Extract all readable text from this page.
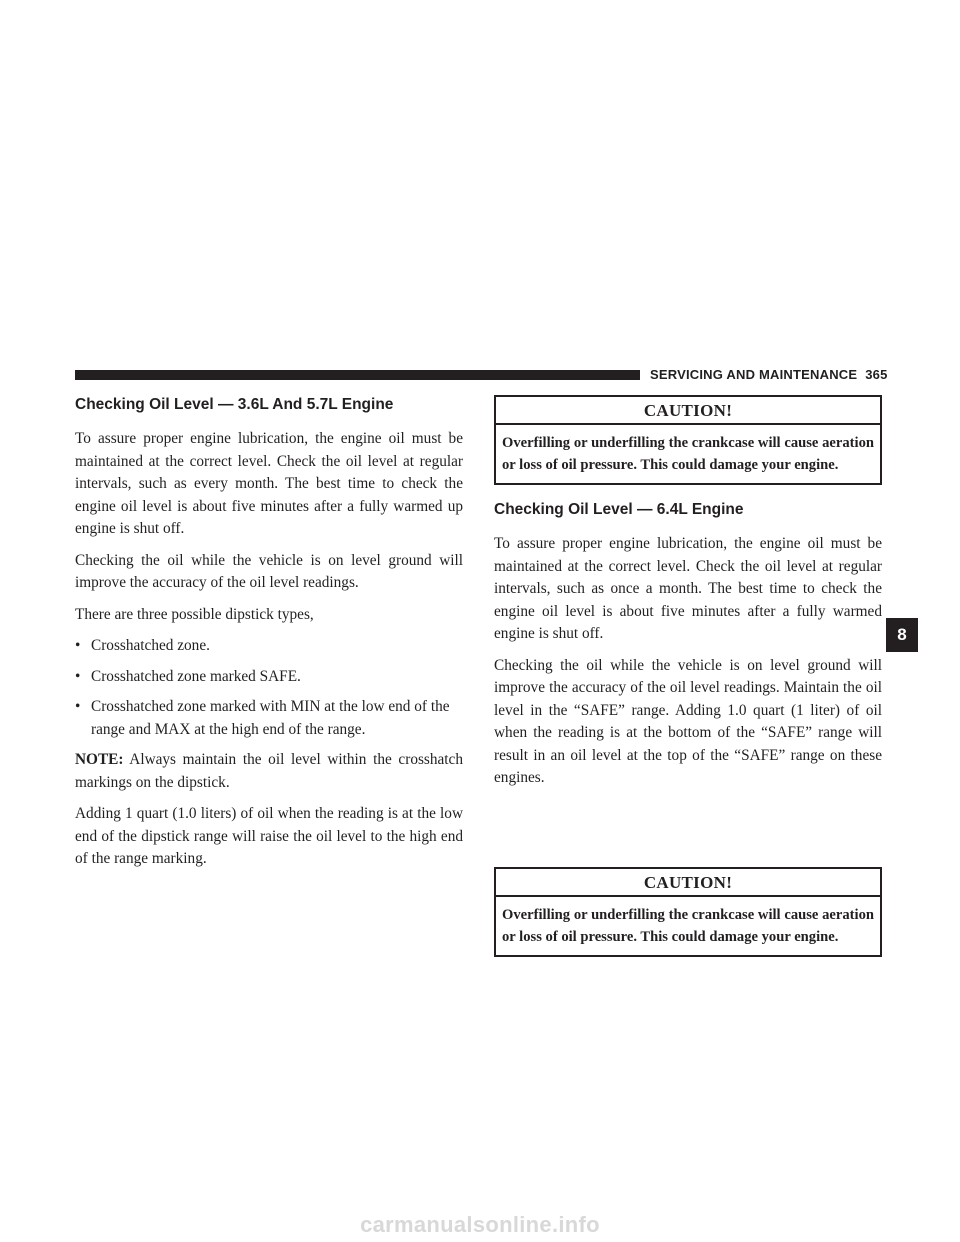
SERVICING AND MAINTENANCE 365
Checking Oil Level — 3.6L And 5.7L Engine

To assure proper engine lubrication, the engine oil must be maintained at the correct level. Check the oil level at regular intervals, such as every month. The best time to check the engine oil level is about five minutes after a fully warmed up engine is shut off.

Checking the oil while the vehicle is on level ground will improve the accuracy of the oil level readings.

There are three possible dipstick types,

• Crosshatched zone.
• Crosshatched zone marked SAFE.
• Crosshatched zone marked with MIN at the low end of the range and MAX at the high end of the range.

NOTE: Always maintain the oil level within the crosshatch markings on the dipstick.

Adding 1 quart (1.0 liters) of oil when the reading is at the low end of the dipstick range will raise the oil level to the high end of the range marking.

CAUTION!
Overfilling or underfilling the crankcase will cause aeration or loss of oil pressure. This could damage your engine.
Checking Oil Level — 6.4L Engine

To assure proper engine lubrication, the engine oil must be maintained at the correct level. Check the oil level at regular intervals, such as once a month. The best time to check the engine oil level is about five minutes after a fully warmed engine is shut off.

Checking the oil while the vehicle is on level ground will improve the accuracy of the oil level readings. Maintain the oil level in the “SAFE” range. Adding 1.0 quart (1 liter) of oil when the reading is at the bottom of the “SAFE” range will result in an oil level at the top of the “SAFE” range on these engines.

CAUTION!
Overfilling or underfilling the crankcase will cause aeration or loss of oil pressure. This could damage your engine.
8
carmanualsonline.info
